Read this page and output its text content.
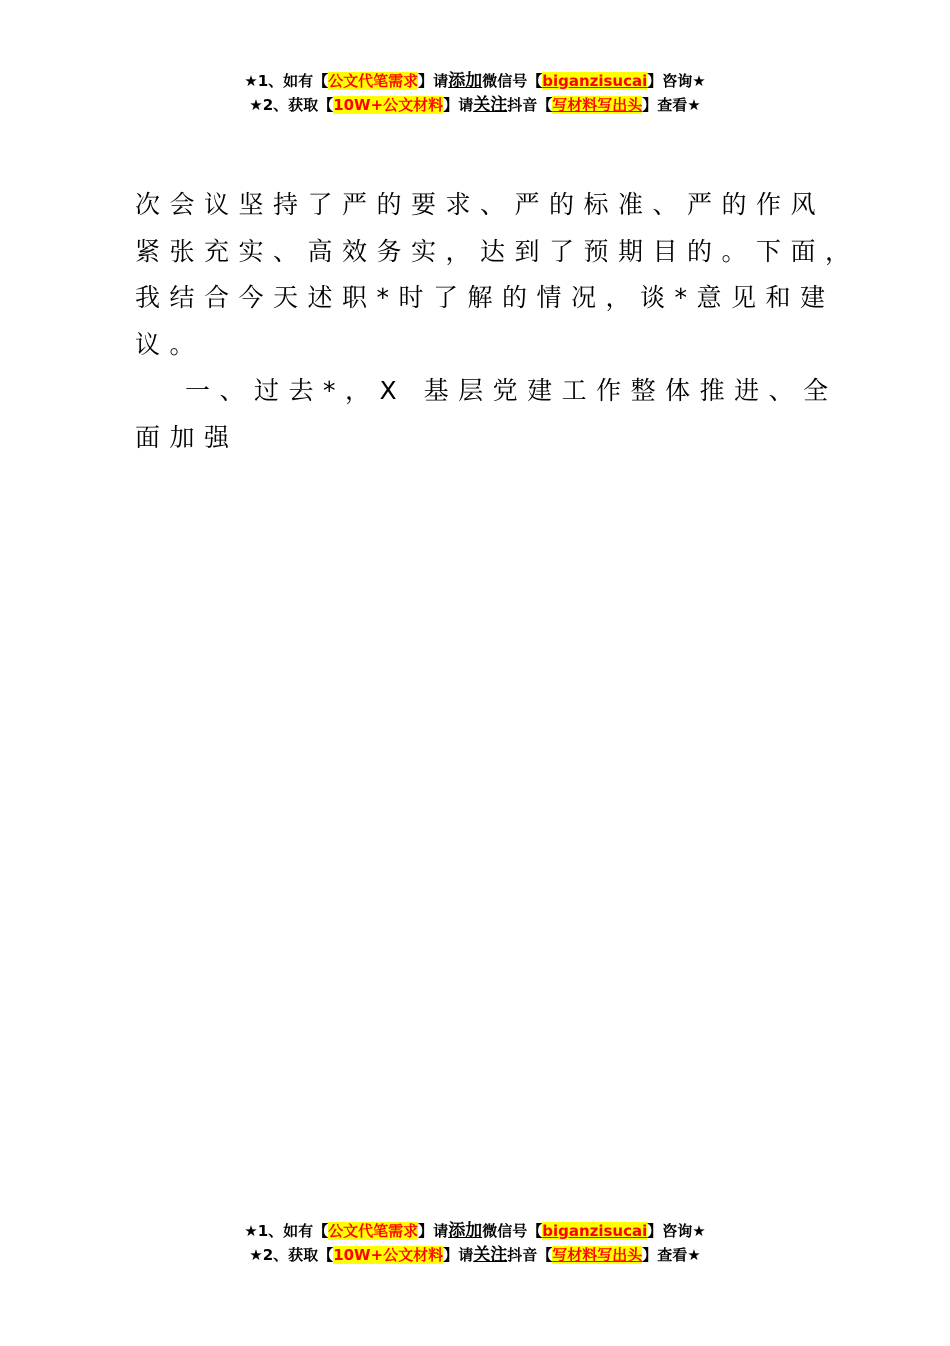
★1、如有【公文代笔需求】请添加微信号【biganzisucai】咨询★
★2、获取【10W+公文材料】请关注抖音【写材料写出头】查看★
次会议坚持了严的要求、严的标准、严的作风
紧张充实、高效务实，达到了预期目的。下面，
我结合今天述职*时了解的情况，谈*意见和建
议。
一、过去*，X 基层党建工作整体推进、全
面加强
★1、如有【公文代笔需求】请添加微信号【biganzisucai】咨询★
★2、获取【10W+公文材料】请关注抖音【写材料写出头】查看★
